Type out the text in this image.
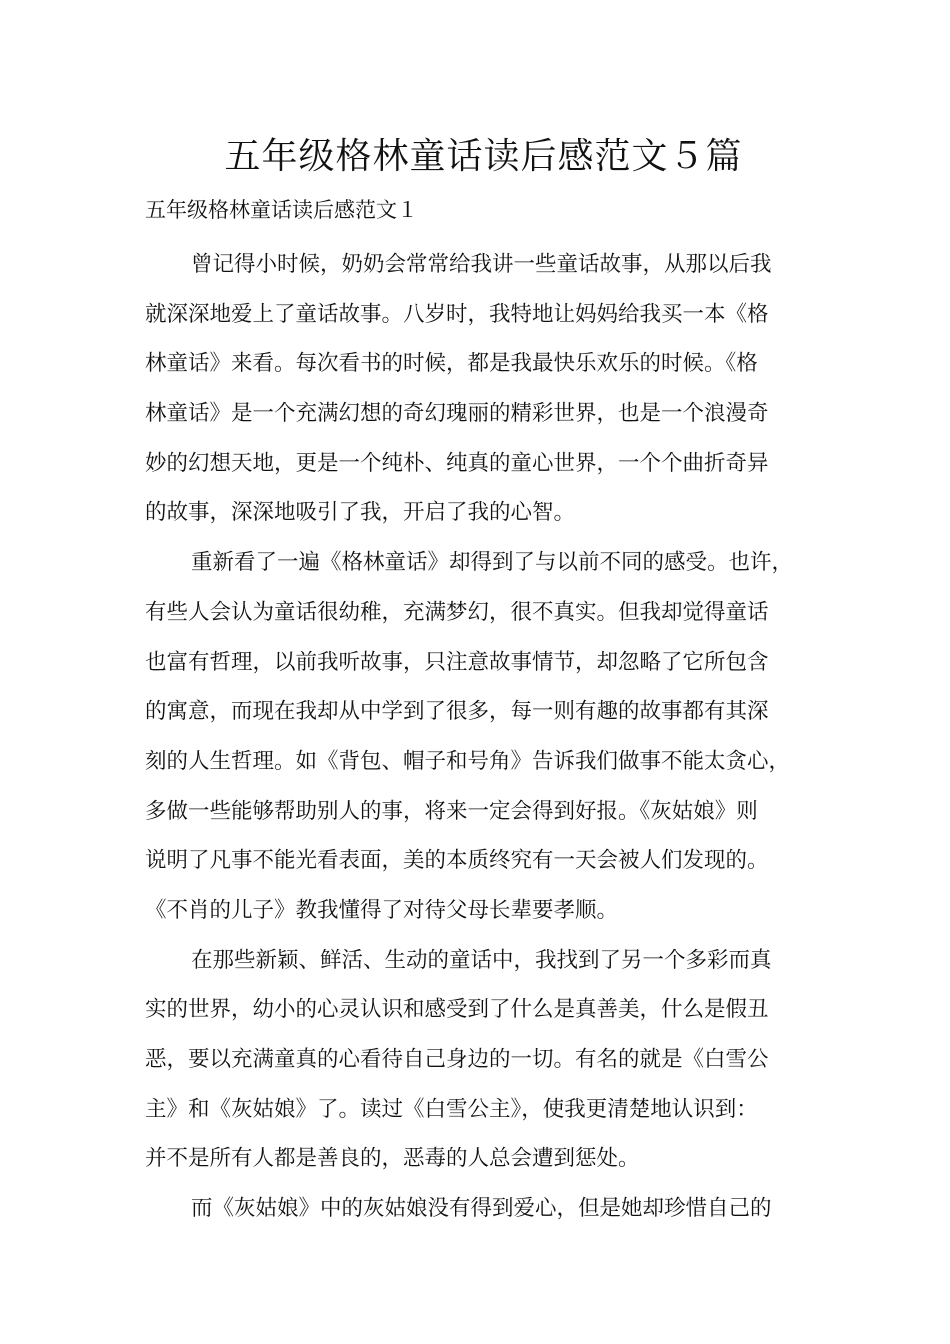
五年级格林童话读后感范文５篇
五年级格林童话读后感范文１

曾记得小时候，奶奶会常常给我讲一些童话故事，从那以后我
就深深地爱上了童话故事。八岁时，我特地让妈妈给我买一本《格
林童话》来看。每次看书的时候，都是我最快乐欢乐的时候。《格
林童话》是一个充满幻想的奇幻瑰丽的精彩世界，也是一个浪漫奇
妙的幻想天地，更是一个纯朴、纯真的童心世界，一个个曲折奇异
的故事，深深地吸引了我，开启了我的心智。

重新看了一遍《格林童话》却得到了与以前不同的感受。也许，
有些人会认为童话很幼稚，充满梦幻，很不真实。但我却觉得童话
也富有哲理，以前我听故事，只注意故事情节，却忽略了它所包含
的寓意，而现在我却从中学到了很多，每一则有趣的故事都有其深
刻的人生哲理。如《背包、帽子和号角》告诉我们做事不能太贪心，
多做一些能够帮助别人的事，将来一定会得到好报。《灰姑娘》则
说明了凡事不能光看表面，美的本质终究有一天会被人们发现的。
《不肖的儿子》教我懂得了对待父母长辈要孝顺。

在那些新颖、鲜活、生动的童话中，我找到了另一个多彩而真
实的世界，幼小的心灵认识和感受到了什么是真善美，什么是假丑
恶，要以充满童真的心看待自己身边的一切。有名的就是《白雪公
主》和《灰姑娘》了。读过《白雪公主》，使我更清楚地认识到：
并不是所有人都是善良的，恶毒的人总会遭到惩处。

而《灰姑娘》中的灰姑娘没有得到爱心，但是她却珍惜自己的
